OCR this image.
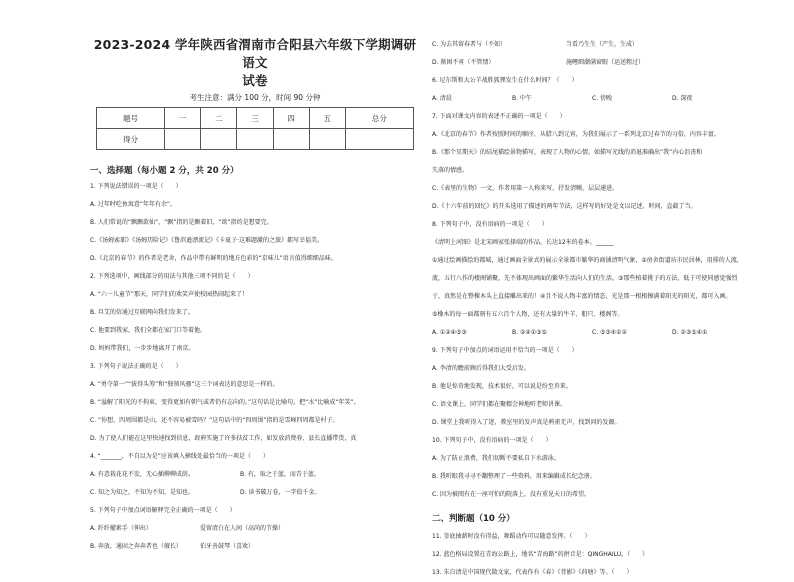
2023-2024 学年陕西省渭南市合阳县六年级下学期调研语文
试卷
考生注意：满分 100 分，时间 90 分钟
题号	一	二	三	四	五	总分
得分						
一、选择题（每小题 2 分，共 20 分）
1. 下列说法错误的一项是（　　）
A. 过年时吃鱼寓意“年年有余”。
B. 人们常说的“飘飘欲仙”，“飘”指的是飘着旧，“欲”指的是想要完。
C.《汤姆索耶》《汤姆历险记》《鲁滨逊漂流记》《卡夏子·这难题激的之旅》都写幸福美。
D.《北京的春节》的作者是老舍，作品中带有鲜明的地方色彩的“京味儿”语言值得细细品味。
2. 下列选项中，画线部分的用法与其他三项不同的是（　　）
A. “六一儿童节”那天，同学们的欢笑声使校园热闹起来了！
B. 旦艾的信通过互联网向我们发来了。
C. 他要到我家，我们全都在家门口等着他。
D. 妈妈带我们，一步步地离开了南京。
3. 下列句子说法正确的是（　　）
A. “勇夺第一”“拔得头筹”和“独领风骚”这三个词表达的意思是一样的。
B. “溢解了阳光的不拘束，变得更加有朝气或者仍有志向的。”这句话是比喻句，把“水”比喻成“年笑”。
C. “你想，四周围都是山，还不容易被雪吗？”这句话中的“四周围”指的是雪峰四周都是村子。
D. 为了使人们能在这里快速找到信息，政府实施了许多扶贫工作，如发放消费券、县长直播带货，真
4. “_______，不自以为是”应该填入横线处最恰当的一项是（　　）
A. 有意栽花花不发，无心插柳柳成荫。	B. 有，取之于蓝，而青于蓝。
C. 知之为知之，不知为不知，是知也。	D. 读书破万卷，一字值千金。
5. 下列句子中加点词语解释完全正确的一项是（　　）
A. 纤纤擢素手（伸出）	爱留清白在人间（高尚的节操）
B. 奔放，通固之奔奔者也（擅长）	伯牙善鼓琴（喜欢）
C. 为去其留春者与（不如）	当看乃生生（产生，生成）
D. 渐困不宵（不管情）	施鲤细潮满窗眼（运送粗过）
6. 尼尔斯和大公羊战胜狐狸发生在什么时间？（　　）
A. 清晨	B. 中午	C. 傍晚	D. 深夜
7. 下面对课文内容的表述不正确的一项是（　　）
A.《北京的春节》作者按照时间的顺序，从腊八到元宵，为我们展示了一系列北京过春节的习俗，内容丰富。
B.《那个星期天》的结尾描绘景物描写，表现了人物的心情，如描写光线的消退准确出“我”内心沮丧和
失落的情感。
C.《表里的生物》一文，作者用第一人称来写，抒发清晰，层层递进。
D.《十六年前的回忆》的开头选用了描述的两年节法，这样写的好处是文以记述，时间，直截了当。
8. 下列句子中，没有语病的一项是（　　）
《清明上河图》是北宋画家张择端的作品，长达12米的卷本。______
①通过绘画描绘的都城，通过画面全景式的展示全景都市繁华的商铺清明气象，②房舍街道坊市民居林，用排的人流，
流，五行八作的楼阁铺聚，先不体现出画面的繁华生活向人们的生活。③那些植着挑子的方法，低于可使同感觉强烈
于，真然是在整棵木头上直接雕出来的！④且不说人物丰富的情态，光是那一根根擦满着阳光的阳光，都可入画。
⑤橡木的每一面都刻有五六百个人物，还有大量的牛羊、船只、楼阁等。
A. ①②④⑤③	B. ②④①③⑤	C. ⑤③④①②	D. ②③⑤④①
9. 下列句子中加点的词语运用不恰当的一项是（　　）
A. 李清的瞻前顾后得我们大受启发。
B. 他是惊奇地发现，技术很好，可以说是纷至沓来。
C. 语文课上，同学们都在聚精会神地听老师讲课。
D. 课堂上我听得入了迷，教室里的发声真是鸦雀无声，找到问的发源。
10. 下列句子中，没有语病的一项是（　　）
A. 为了防止浪费，我们切断不要私自下水游泳。
B. 我听眼我寻寻不翻整理了一些资料，用来编辑成长纪念册。
C. 因为被阅有在一座可怕的院落上，没有重见天日的希望。
二、判断题（10 分）
11. 釜底抽薪时没有得益，舞蹈动作可以随意发挥。（　　）
12. 蓝色格局设置在青海公路上，地名“青海路”的拼音是：QINGHAILU。（　　）
13. 朱自清是中国现代散文家，代表作有《春》《背影》《荷塘》等。（　　）
